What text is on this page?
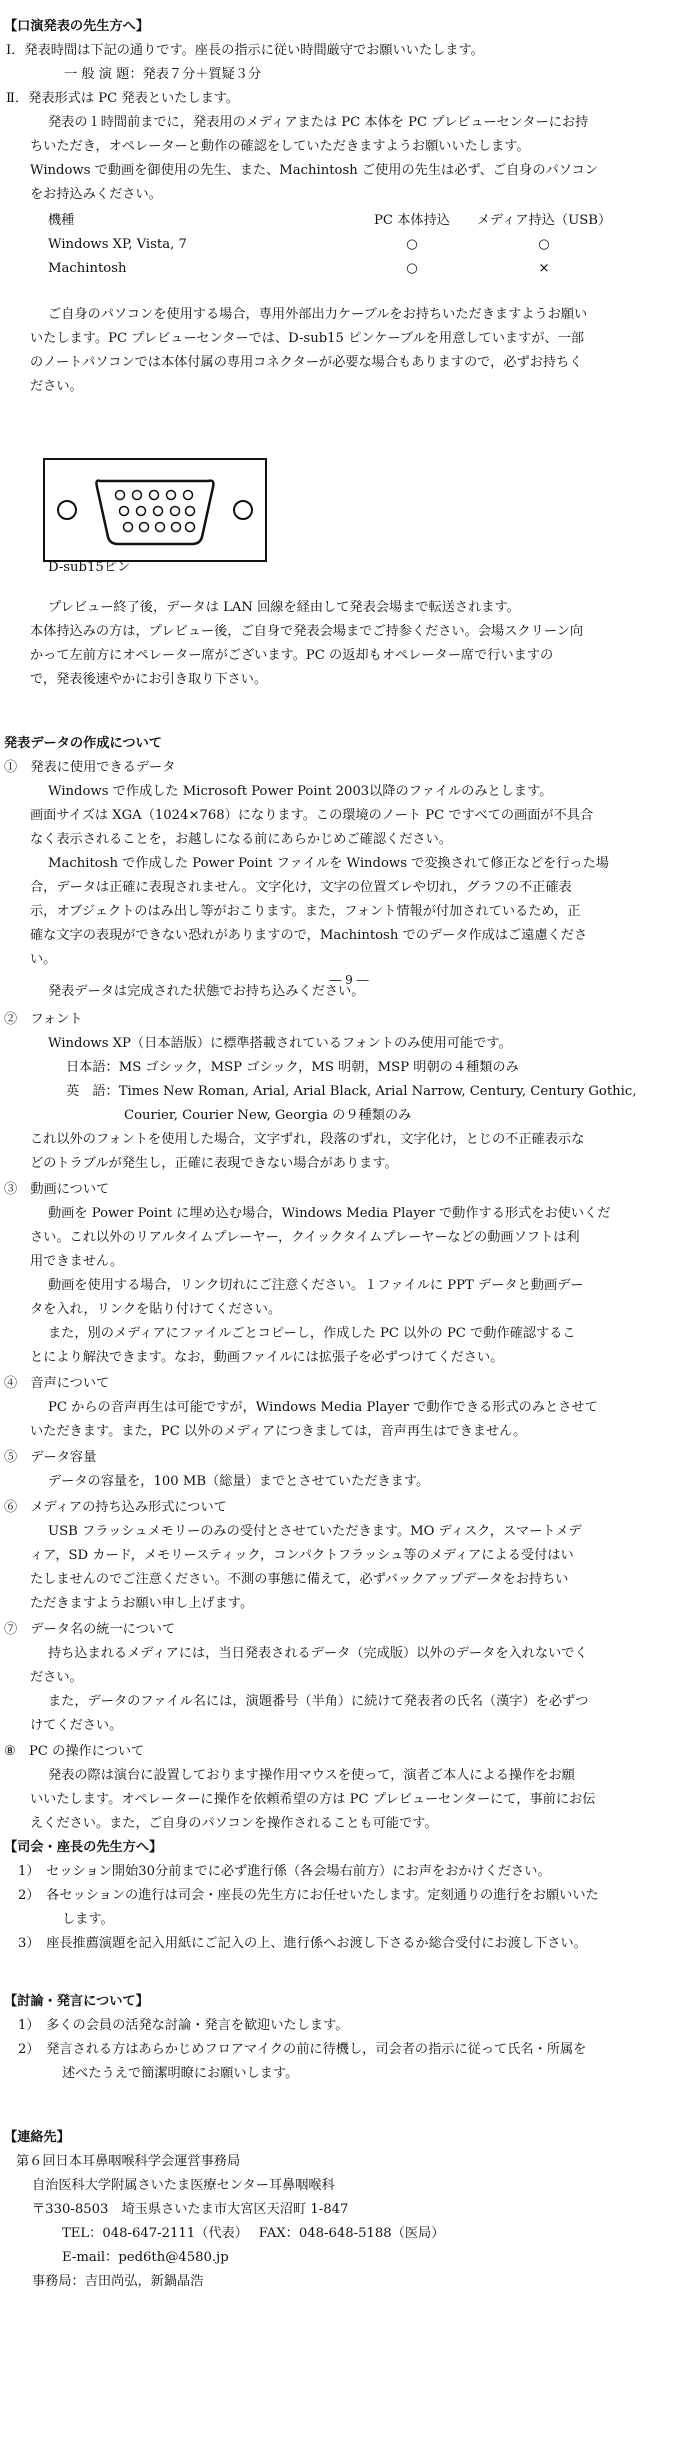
【口演発表の先生方へ】
Ⅰ．発表時間は下記の通りです。座長の指示に従い時間厳守でお願いいたします。
一 般 演 題：発表７分＋質疑３分
Ⅱ．発表形式は PC 発表といたします。
発表の１時間前までに，発表用のメディアまたは PC 本体を PC プレビューセンターにお持
ちいただき，オペレーターと動作の確認をしていただきますようお願いいたします。
Windows で動画を御使用の先生、また、Machintosh ご使用の先生は必ず、ご自身のパソコン
をお持込みください。
機種	PC 本体持込	メディア持込（USB）
Windows XP, Vista, 7	○	○
Machintosh	○	×
ご自身のパソコンを使用する場合，専用外部出力ケーブルをお持ちいただきますようお願い
いたします。PC プレビューセンターでは、D-sub15 ピンケーブルを用意していますが、一部
のノートパソコンでは本体付属の専用コネクターが必要な場合もありますので，必ずお持ちく
ださい。
D-sub15ピン
プレビュー終了後，データは LAN 回線を経由して発表会場まで転送されます。
本体持込みの方は，プレビュー後，ご自身で発表会場までご持参ください。会場スクリーン向
かって左前方にオペレーター席がございます。PC の返却もオペレーター席で行いますの
で，発表後速やかにお引き取り下さい。
発表データの作成について
①　発表に使用できるデータ
Windows で作成した Microsoft Power Point 2003以降のファイルのみとします。
画面サイズは XGA（1024×768）になります。この環境のノート PC ですべての画面が不具合
なく表示されることを，お越しになる前にあらかじめご確認ください。
Machitosh で作成した Power Point ファイルを Windows で変換されて修正などを行った場
合，データは正確に表現されません。文字化け，文字の位置ズレや切れ，グラフの不正確表
示，オブジェクトのはみ出し等がおこります。また，フォント情報が付加されているため，正
確な文字の表現ができない恐れがありますので，Machintosh でのデータ作成はご遠慮くださ
い。
― 9 ―
発表データは完成された状態でお持ち込みください。
②　フォント
Windows XP（日本語版）に標準搭載されているフォントのみ使用可能です。
日本語：MS ゴシック，MSP ゴシック，MS 明朝，MSP 明朝の４種類のみ
英　語：Times New Roman, Arial, Arial Black, Arial Narrow, Century, Century Gothic,
Courier, Courier New, Georgia の９種類のみ
これ以外のフォントを使用した場合，文字ずれ，段落のずれ，文字化け，とじの不正確表示な
どのトラブルが発生し，正確に表現できない場合があります。
③　動画について
動画を Power Point に埋め込む場合，Windows Media Player で動作する形式をお使いくだ
さい。これ以外のリアルタイムプレーヤー，クイックタイムプレーヤーなどの動画ソフトは利
用できません。
動画を使用する場合，リンク切れにご注意ください。１ファイルに PPT データと動画デー
タを入れ，リンクを貼り付けてください。
また，別のメディアにファイルごとコピーし，作成した PC 以外の PC で動作確認するこ
とにより解決できます。なお，動画ファイルには拡張子を必ずつけてください。
④　音声について
PC からの音声再生は可能ですが，Windows Media Player で動作できる形式のみとさせて
いただきます。また，PC 以外のメディアにつきましては，音声再生はできません。
⑤　データ容量
データの容量を，100 MB（総量）までとさせていただきます。
⑥　メディアの持ち込み形式について
USB フラッシュメモリーのみの受付とさせていただきます。MO ディスク，スマートメデ
ィア，SD カード，メモリースティック，コンパクトフラッシュ等のメディアによる受付はい
たしませんのでご注意ください。不測の事態に備えて，必ずバックアップデータをお持ちい
ただきますようお願い申し上げます。
⑦　データ名の統一について
持ち込まれるメディアには，当日発表されるデータ（完成版）以外のデータを入れないでく
ださい。
また，データのファイル名には，演題番号（半角）に続けて発表者の氏名（漢字）を必ずつ
けてください。
⑧　PC の操作について
発表の際は演台に設置しております操作用マウスを使って，演者ご本人による操作をお願
いいたします。オペレーターに操作を依頼希望の方は PC プレビューセンターにて，事前にお伝
えください。また，ご自身のパソコンを操作されることも可能です。
【司会・座長の先生方へ】
1）　セッション開始30分前までに必ず進行係（各会場右前方）にお声をおかけください。
2）　各セッションの進行は司会・座長の先生方にお任せいたします。定刻通りの進行をお願いいた
します。
3）　座長推薦演題を記入用紙にご記入の上、進行係へお渡し下さるか総合受付にお渡し下さい。
【討論・発言について】
1）　多くの会員の活発な討論・発言を歓迎いたします。
2）　発言される方はあらかじめフロアマイクの前に待機し，司会者の指示に従って氏名・所属を
述べたうえで簡潔明瞭にお願いします。
【連絡先】
第６回日本耳鼻咽喉科学会運営事務局
自治医科大学附属さいたま医療センター耳鼻咽喉科
〒330-8503　埼玉県さいたま市大宮区天沼町 1-847
TEL：048-647-2111（代表）　 FAX：048-648-5188（医局）
E-mail：ped6th@4580.jp
事務局：吉田尚弘，新鍋晶浩
